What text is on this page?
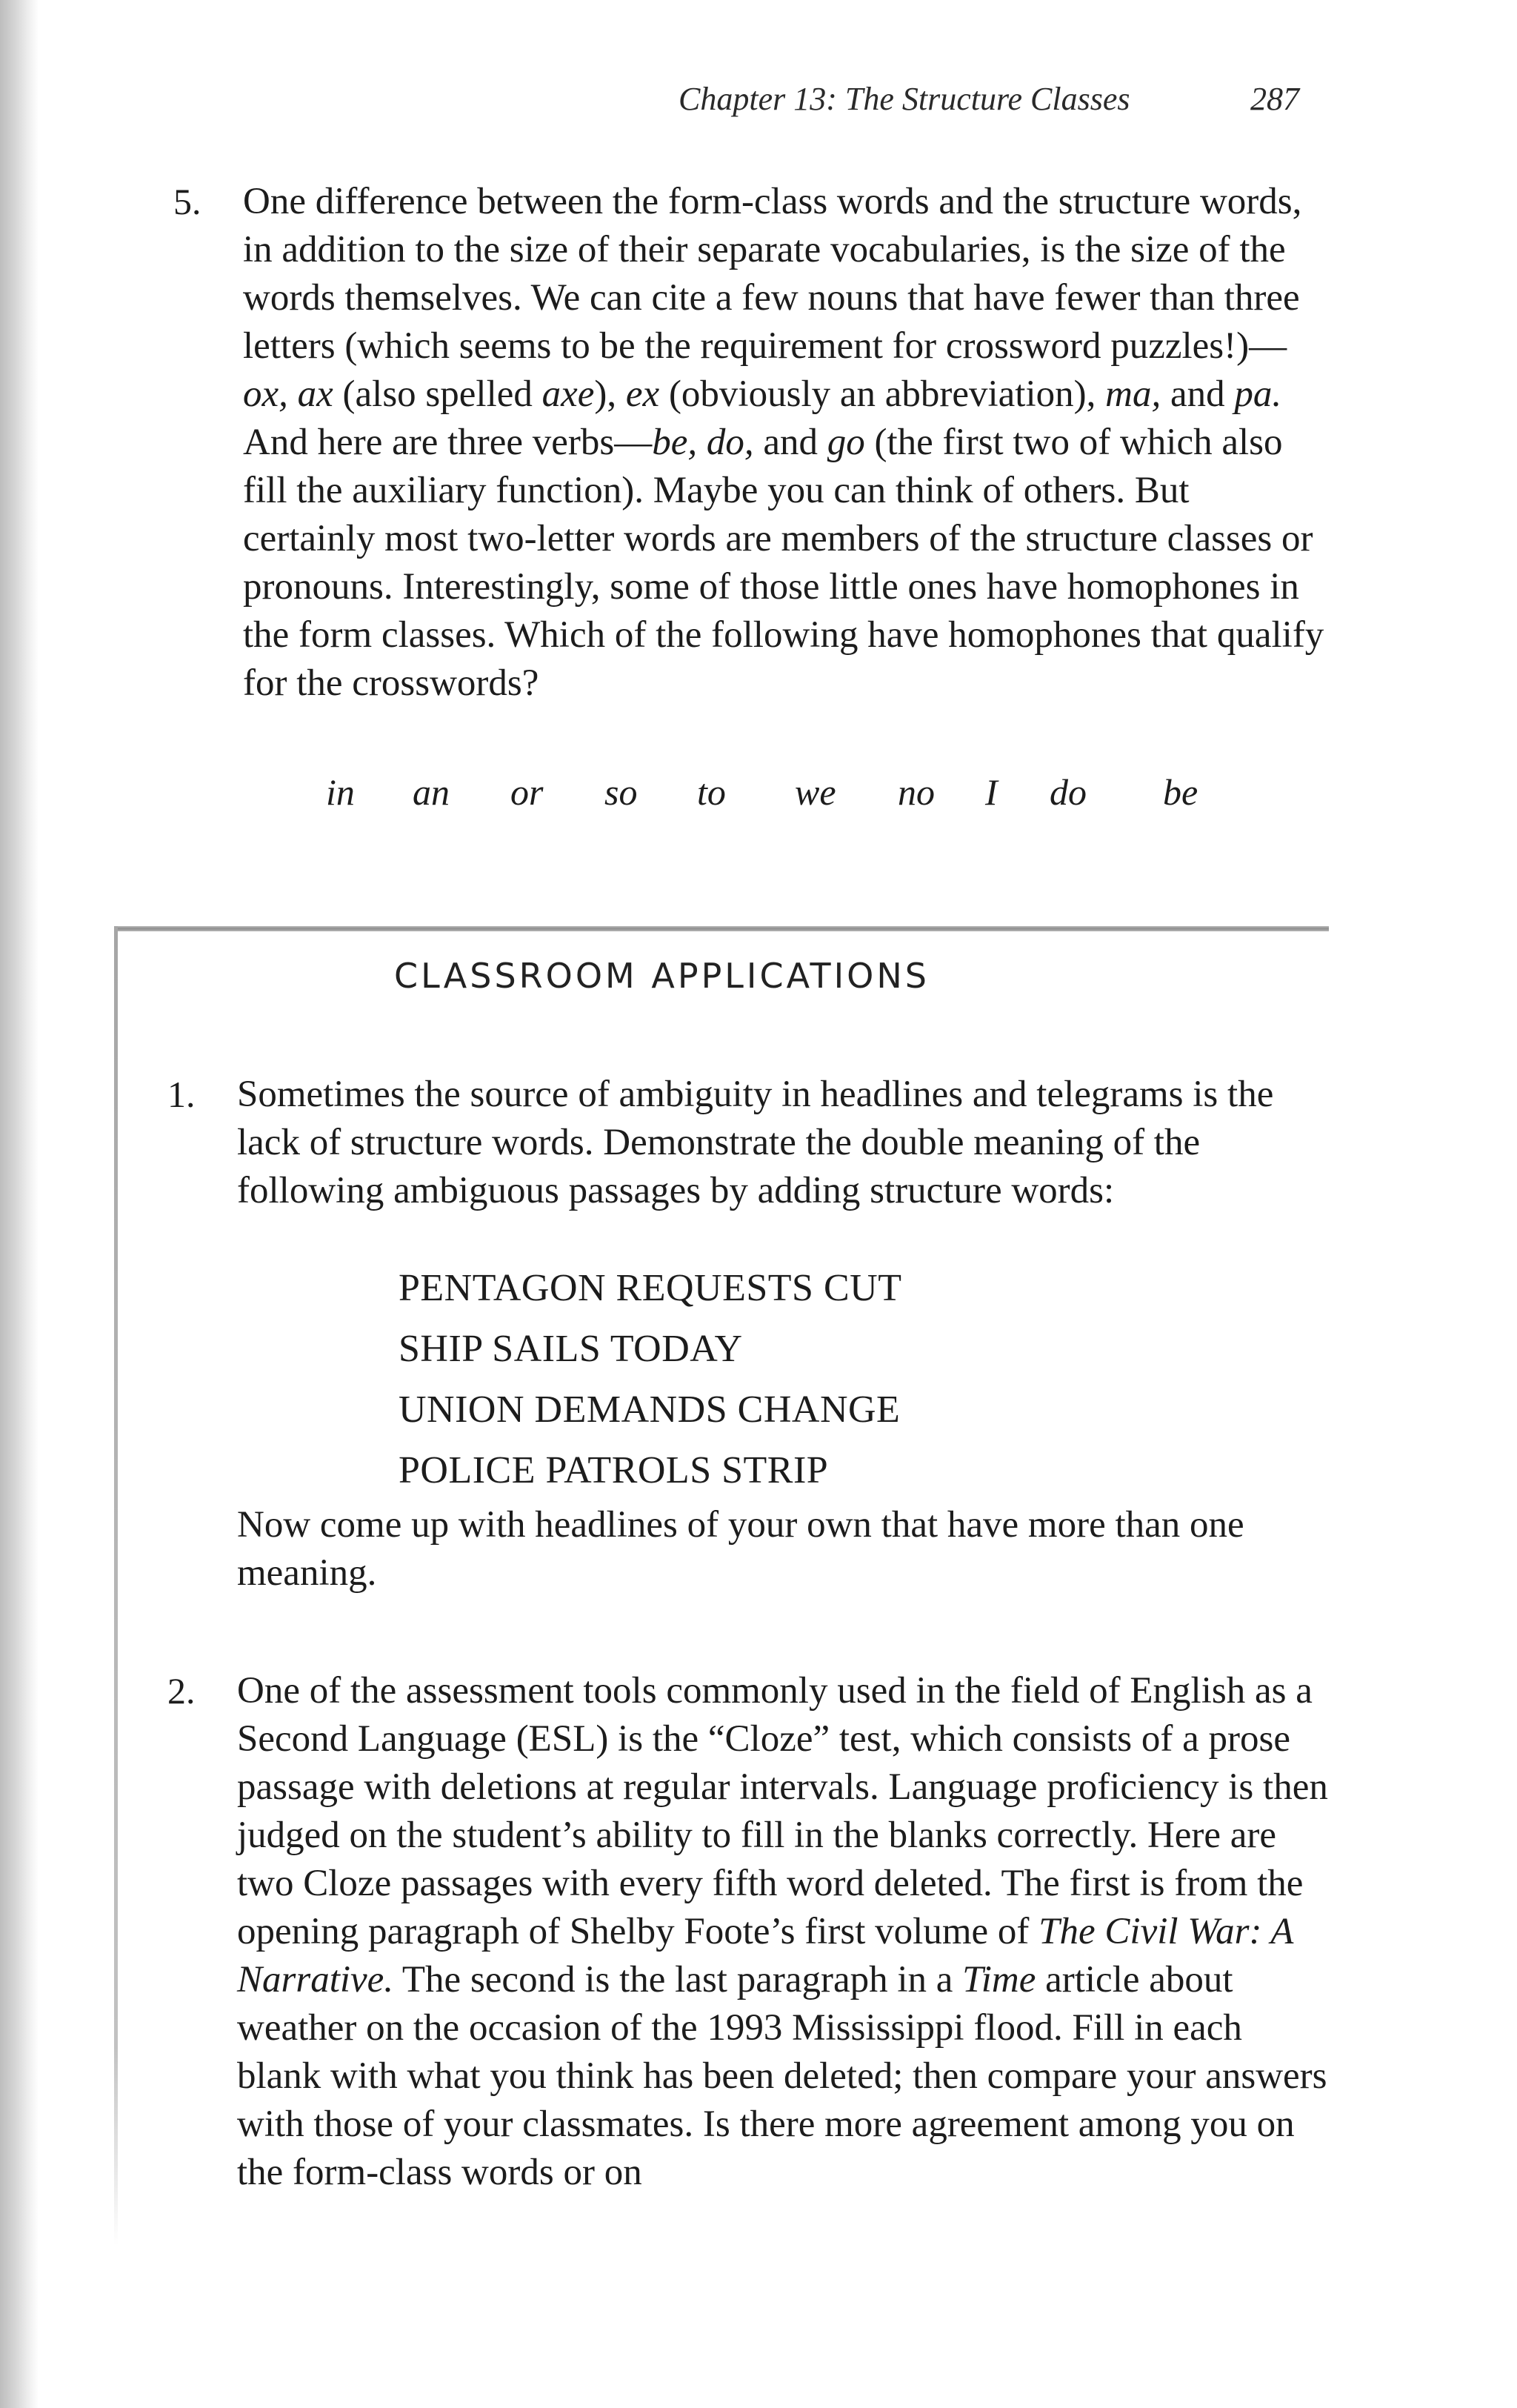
Chapter 13: The Structure Classes	287
5. One difference between the form-class words and the structure words, in addition to the size of their separate vocabularies, is the size of the words themselves. We can cite a few nouns that have fewer than three letters (which seems to be the requirement for crossword puzzles!)—ox, ax (also spelled axe), ex (obviously an abbreviation), ma, and pa. And here are three verbs—be, do, and go (the first two of which also fill the auxiliary function). Maybe you can think of others. But certainly most two-letter words are members of the structure classes or pronouns. Interestingly, some of those little ones have homophones in the form classes. Which of the following have homophones that qualify for the crosswords?

in an or so to we no I do be
CLASSROOM APPLICATIONS
1. Sometimes the source of ambiguity in headlines and telegrams is the lack of structure words. Demonstrate the double meaning of the following ambiguous passages by adding structure words:

PENTAGON REQUESTS CUT
SHIP SAILS TODAY
UNION DEMANDS CHANGE
POLICE PATROLS STRIP

Now come up with headlines of your own that have more than one meaning.

2. One of the assessment tools commonly used in the field of English as a Second Language (ESL) is the “Cloze” test, which consists of a prose passage with deletions at regular intervals. Language proficiency is then judged on the student’s ability to fill in the blanks correctly. Here are two Cloze passages with every fifth word deleted. The first is from the opening paragraph of Shelby Foote’s first volume of The Civil War: A Narrative. The second is the last paragraph in a Time article about weather on the occasion of the 1993 Mississippi flood. Fill in each blank with what you think has been deleted; then compare your answers with those of your classmates. Is there more agreement among you on the form-class words or on
